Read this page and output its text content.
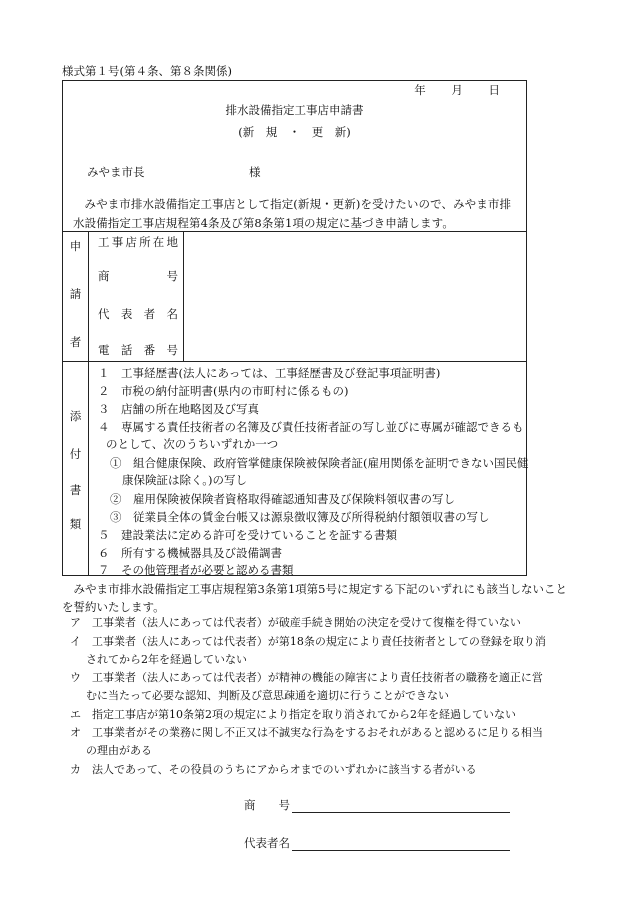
様式第１号(第４条、第８条関係)
年 月 日
排水設備指定工事店申請書
(新　規　・　更　新)
みやま市長	様
みやま市排水設備指定工事店として指定(新規・更新)を受けたいので、みやま市排水設備指定工事店規程第4条及び第8条第1項の規定に基づき申請します。
申
請
者
工事店所在地
商号
代表者名
電話番号
添
付
書
類
１　工事経歴書(法人にあっては、工事経歴書及び登記事項証明書)
２　市税の納付証明書(県内の市町村に係るもの)
３　店舗の所在地略図及び写真
４　専属する責任技術者の名簿及び責任技術者証の写し並びに専属が確認できるも
のとして、次のうちいずれか一つ
①　組合健康保険、政府管掌健康保険被保険者証(雇用関係を証明できない国民健
康保険証は除く。)の写し
②　雇用保険被保険者資格取得確認通知書及び保険料領収書の写し
③　従業員全体の賃金台帳又は源泉徴収簿及び所得税納付額領収書の写し
５　建設業法に定める許可を受けていることを証する書類
６　所有する機械器具及び設備調書
７　その他管理者が必要と認める書類
みやま市排水設備指定工事店規程第3条第1項第5号に規定する下記のいずれにも該当しないことを誓約いたします。
ア　工事業者（法人にあっては代表者）が破産手続き開始の決定を受けて復権を得ていない
イ　工事業者（法人にあっては代表者）が第18条の規定により責任技術者としての登録を取り消
されてから2年を経過していない
ウ　工事業者（法人にあっては代表者）が精神の機能の障害により責任技術者の職務を適正に営
むに当たって必要な認知、判断及び意思疎通を適切に行うことができない
エ　指定工事店が第10条第2項の規定により指定を取り消されてから2年を経過していない
オ　工事業者がその業務に関し不正又は不誠実な行為をするおそれがあると認めるに足りる相当
の理由がある
カ　法人であって、その役員のうちにアからオまでのいずれかに該当する者がいる
商　　号
代表者名
